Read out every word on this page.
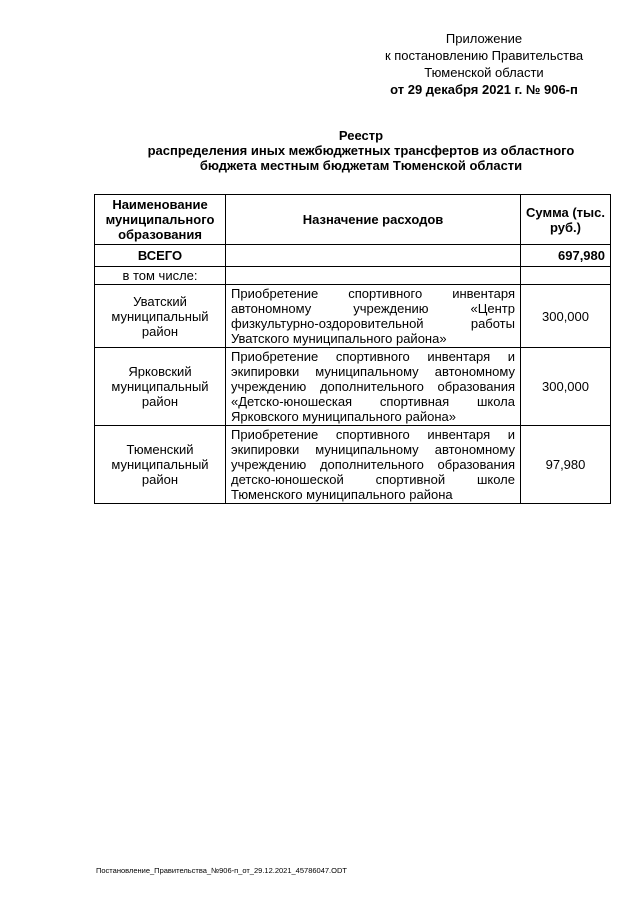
Приложение
к постановлению Правительства
Тюменской области
от 29 декабря 2021 г. № 906-п
Реестр
распределения иных межбюджетных трансфертов из областного
бюджета местным бюджетам Тюменской области
Наименование муниципального образования	Назначение расходов	Сумма (тыс. руб.)
ВСЕГО		697,980
в том числе:		
Уватский муниципальный район	Приобретение спортивного инвентаря автономному учреждению «Центр физкультурно-оздоровительной работы Уватского муниципального района»	300,000
Ярковский муниципальный район	Приобретение спортивного инвентаря и экипировки муниципальному автономному учреждению дополнительного образования «Детско-юношеская спортивная школа Ярковского муниципального района»	300,000
Тюменский муниципальный район	Приобретение спортивного инвентаря и экипировки муниципальному автономному учреждению дополнительного образования детско-юношеской спортивной школе Тюменского муниципального района	97,980
Постановление_Правительства_№906-п_от_29.12.2021_45786047.ODT
